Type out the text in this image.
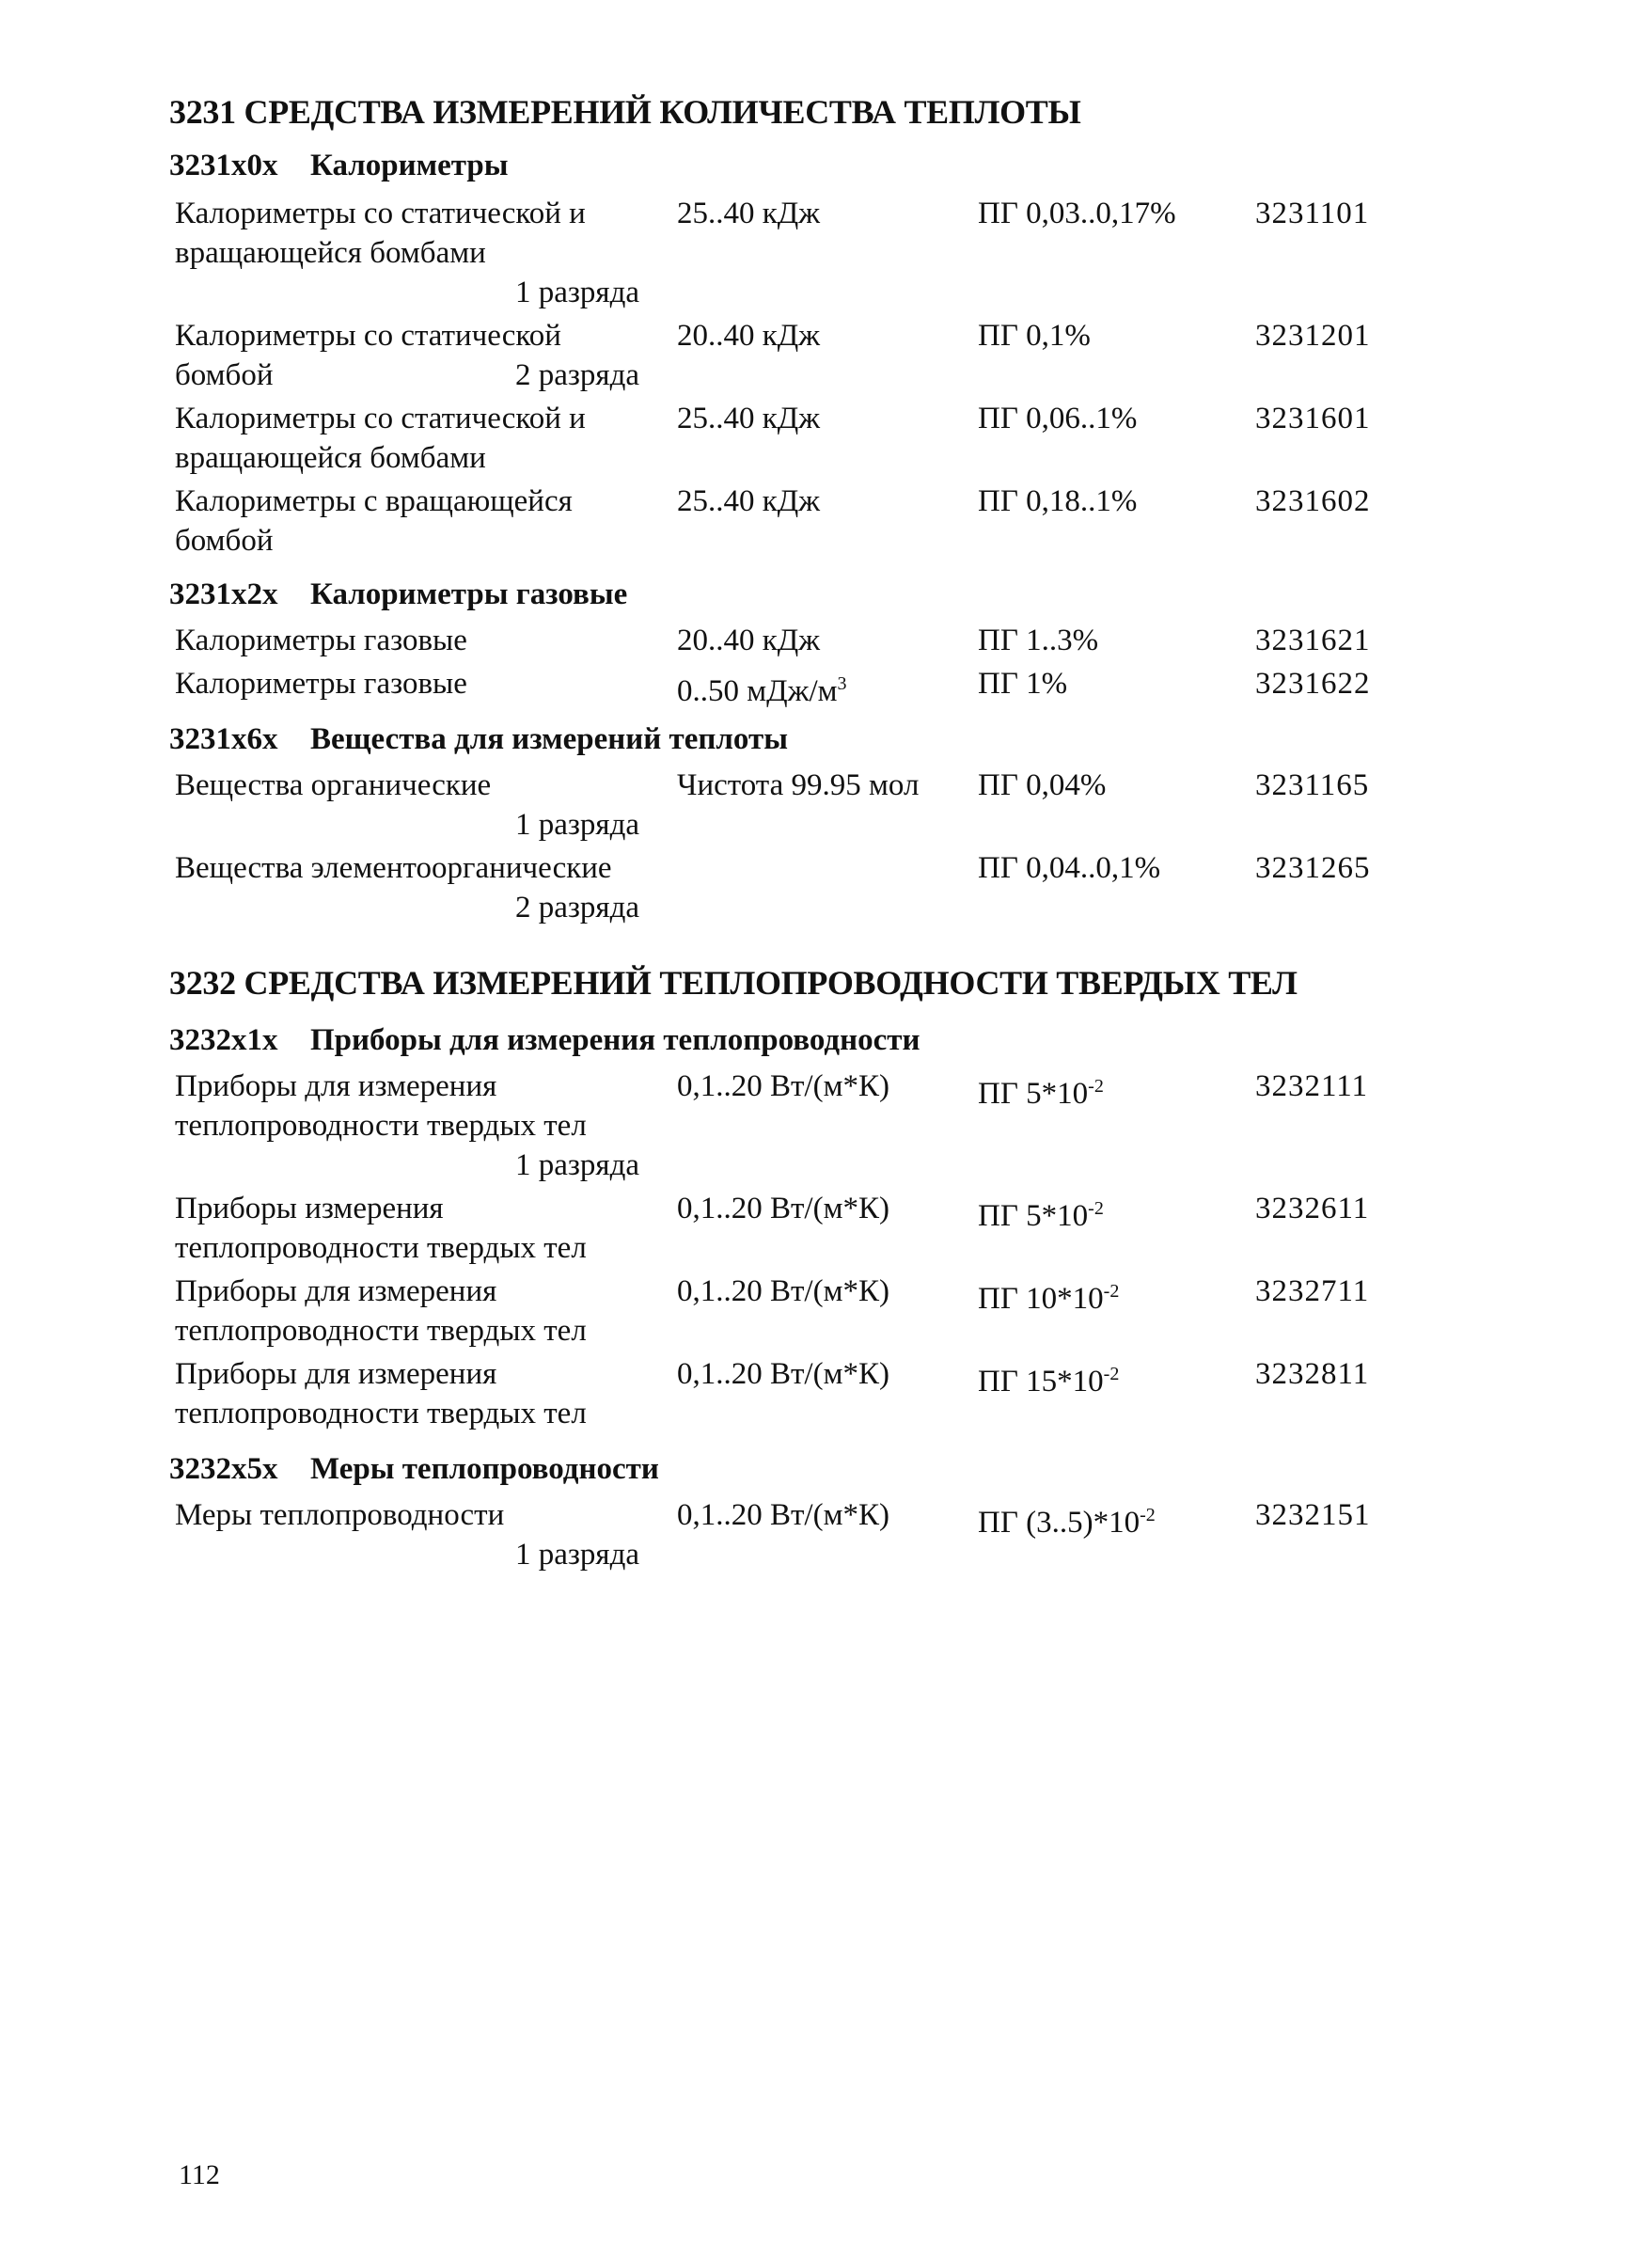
3231 СРЕДСТВА ИЗМЕРЕНИЙ КОЛИЧЕСТВА ТЕПЛОТЫ
3231x0x Калориметры
Калориметры со статической и
вращающейся бомбами
1 разряда
25..40 кДж	ПГ 0,03..0,17%	3231101
Калориметры со статической
бомбой	2 разряда
20..40 кДж	ПГ 0,1%	3231201
Калориметры со статической и
вращающейся бомбами
25..40 кДж	ПГ 0,06..1%	3231601
Калориметры с вращающейся
бомбой
25..40 кДж	ПГ 0,18..1%	3231602
3231x2x Калориметры газовые
Калориметры газовые	20..40 кДж	ПГ 1..3%	3231621
Калориметры газовые	0..50 мДж/$м^3$	ПГ 1%	3231622
3231x6x Вещества для измерений теплоты
Вещества органические
1 разряда
Чистота 99.95 мол ПГ 0,04%	3231165
Вещества элементоорганические
2 разряда
ПГ 0,04..0,1%	3231265
3232 СРЕДСТВА ИЗМЕРЕНИЙ ТЕПЛОПРОВОДНОСТИ ТВЕРДЫХ ТЕЛ
3232x1x Приборы для измерения теплопроводности
Приборы для измерения
теплопроводности твердых тел
1 разряда
0,1..20 Вт/(м*К)	ПГ $5*10^{-2}$	3232111
Приборы измерения
теплопроводности твердых тел
0,1..20 Вт/(м*К)	ПГ $5*10^{-2}$	3232611
Приборы для измерения
теплопроводности твердых тел
0,1..20 Вт/(м*К)	ПГ $10*10^{-2}$	3232711
Приборы для измерения
теплопроводности твердых тел
0,1..20 Вт/(м*К)	ПГ $15*10^{-2}$	3232811
3232x5x Меры теплопроводности
Меры теплопроводности
1 разряда
0,1..20 Вт/(м*К)	ПГ $(3..5)*10^{-2}$	3232151
112
